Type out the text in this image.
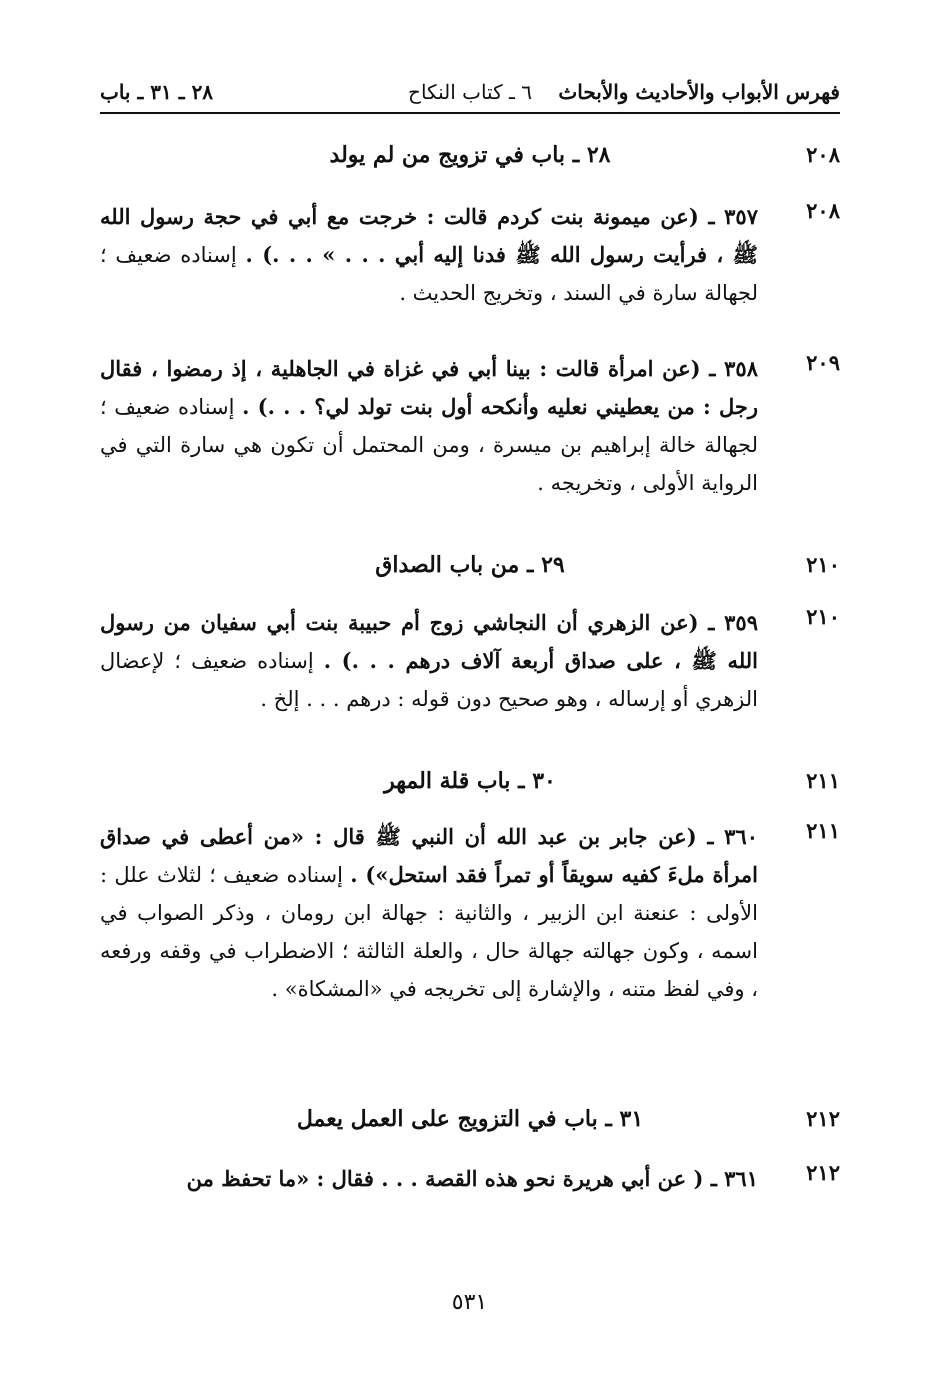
فهرس الأبواب والأحاديث والأبحاث
٦ ـ كتاب النكاح
٢٨ ـ ٣١ ـ باب
٢٠٨
٢٨ ـ باب في تزويج من لم يولد
٢٠٨
٣٥٧ ـ (عن ميمونة بنت كردم قالت : خرجت مع أبي في حجة رسول الله ﷺ ، فرأيت رسول الله ﷺ فدنا إليه أبي . . . » . . .) . إسناده ضعيف ؛ لجهالة سارة في السند ، وتخريج الحديث .
٢٠٩
٣٥٨ ـ (عن امرأة قالت : بينا أبي في غزاة في الجاهلية ، إذ رمضوا ، فقال رجل : من يعطيني نعليه وأنكحه أول بنت تولد لي؟ . . .) . إسناده ضعيف ؛ لجهالة خالة إبراهيم بن ميسرة ، ومن المحتمل أن تكون هي سارة التي في الرواية الأولى ، وتخريجه .
٢١٠
٢٩ ـ من باب الصداق
٢١٠
٣٥٩ ـ (عن الزهري أن النجاشي زوج أم حبيبة بنت أبي سفيان من رسول الله ﷺ ، على صداق أربعة آلاف درهم . . .) . إسناده ضعيف ؛ لإعضال الزهري أو إرساله ، وهو صحيح دون قوله : درهم . . . إلخ .
٢١١
٣٠ ـ باب قلة المهر
٢١١
٣٦٠ ـ (عن جابر بن عبد الله أن النبي ﷺ قال : «من أعطى في صداق امرأة ملءَ كفيه سويقاً أو تمراً فقد استحل») . إسناده ضعيف ؛ لثلاث علل : الأولى : عنعنة ابن الزبير ، والثانية : جهالة ابن رومان ، وذكر الصواب في اسمه ، وكون جهالته جهالة حال ، والعلة الثالثة ؛ الاضطراب في وقفه ورفعه ، وفي لفظ متنه ، والإشارة إلى تخريجه في «المشكاة» .
٢١٢
٣١ ـ باب في التزويج على العمل يعمل
٢١٢
٣٦١ ـ ( عن أبي هريرة نحو هذه القصة . . . فقال : «ما تحفظ من
٥٣١
